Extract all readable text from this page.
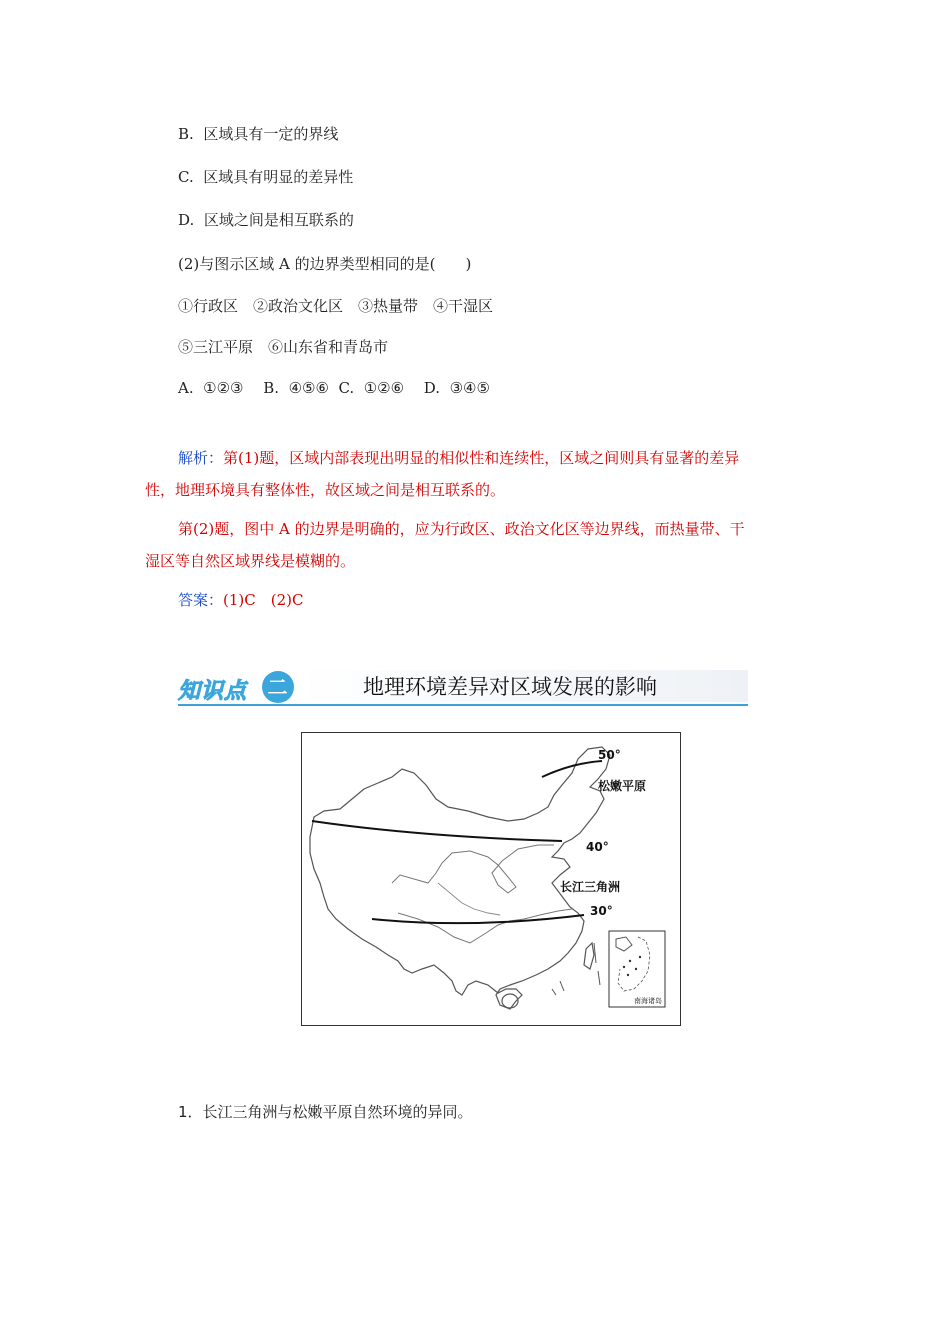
B. 区域具有一定的界线
C. 区域具有明显的差异性
D. 区域之间是相互联系的
(2)与图示区域 A 的边界类型相同的是(　　)
①行政区　②政治文化区　③热量带　④干湿区
⑤三江平原　⑥山东省和青岛市
A.  ①②③　 B.  ④⑤⑥  C.  ①②⑥　 D.  ③④⑤
解析：第(1)题，区域内部表现出明显的相似性和连续性，区域之间则具有显著的差异
性，地理环境具有整体性，故区域之间是相互联系的。
第(2)题，图中 A 的边界是明确的，应为行政区、政治文化区等边界线，而热量带、干
湿区等自然区域界线是模糊的。
答案：(1)C　(2)C
知识点 二	地理环境差异对区域发展的影响
50°
松嫩平原
40°
长江三角洲
30°
南海诸岛
1．长江三角洲与松嫩平原自然环境的异同。
